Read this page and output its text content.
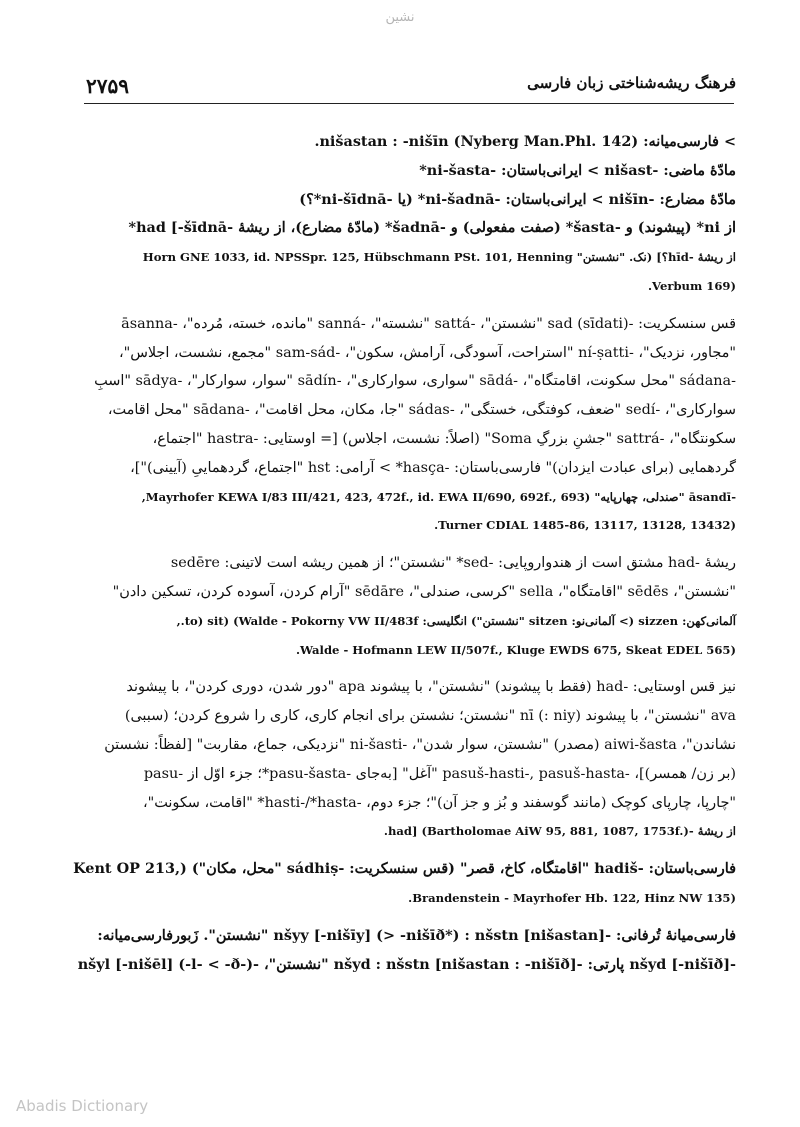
نشین
۲۷۵۹	فرهنگ ریشه‌شناختی زبان فارسی
> فارسی‌میانه: nišastan : -nišīn (Nyberg Man.Phl. 142).
مادّهٔ ماضی: -nišast > ایرانی‌باستان: -ni-šasta*
مادّهٔ مضارع: -nišīn > ایرانی‌باستان: -ni-šadnā* (یا -ni-šīdnā*؟)
از ni* (پیشوند) و -šasta* (صفت مفعولی) و -šadnā* (مادّهٔ مضارع)، از ریشهٔ -had [-šīdnā*
از ریشهٔ -hīd؟] (نک. "نشستن" Horn GNE 1033, id. NPSSpr. 125, Hübschmann PSt. 101, Henning
(Verbum 169.
قس سنسکریت: -sad (sīdati) "نشستن"، -sattá "نشسته"، -sanná "مانده، خسته، مُرده"، -āsanna
"مجاور، نزدیک"، -ní-ṣatti "استراحت، آسودگی، آرامش، سکون"، -sam-sád "مجمع، نشست، اجلاس"،
-sádana "محل سکونت، اقامتگاه"، -sādá "سواری، سوارکاری"، -sādín "سوار، سوارکار"، -sādya "اسبِ
سوارکاری"، -sedí "ضعف، کوفتگی، خستگی"، -sádas "جا، مکان، محل اقامت"، -sādana "محل اقامت،
سکونتگاه"، -sattrá "جشنِ بزرگِ Soma" (اصلاً: نشست، اجلاس) [= اوستایی: -hastra "اجتماع،
گردهمایی (برای عبادت ایزدان)" فارسی‌باستان: -hasça* > آرامی: hst "اجتماع، گردهماییِ (آیینی)"]،
-āsandī "صندلی، چهارپایه" (Mayrhofer KEWA I/83 III/421, 423, 472f., id. EWA II/690, 692f., 693,
(Turner CDIAL 1485-86, 13117, 13128, 13432.
ریشهٔ -had مشتق است از هندواروپایی: -sed* "نشستن"؛ از همین ریشه است لاتینی: sedēre
"نشستن"، sēdēs "اقامتگاه"، sella "کرسی، صندلی"، sēdāre "آرام کردن، آسوده کردن، تسکین دادن"
آلمانی‌کهن: sizzen (> آلمانی‌نو: sitzen "نشستن") انگلیسی: to) sit) (Walde - Pokorny VW II/483f.,
(Walde - Hofmann LEW II/507f., Kluge EWDS 675, Skeat EDEL 565.
نیز قس اوستایی: -had (فقط با پیشوند) "نشستن"، با پیشوند apa "دور شدن، دوری کردن"، با پیشوند
ava "نشستن"، با پیشوند nī (: niy) "نشستن؛ نشستن برای انجام کاری، کاری را شروع کردن؛ (سببی)
نشاندن"، aiwi-šasta (مصدر) "نشستن، سوار شدن"، -ni-šasti "نزدیکی، جماع، مقاربت" [لفظاً: نشستن
(بر زن/ همسر)]، -pasuš-hasti-, pasuš-hasta "آغل" [به‌جای -pasu-šasta*؛ جزء اوّل از -pasu
"چارپا، چارپای کوچک (مانند گوسفند و بُز و جز آن)"؛ جزء دوم، -hasti-/*hasta* "اقامت، سکونت"،
از ریشهٔ -had] (Bartholomae AiW 95, 881, 1087, 1753f.).
فارسی‌باستان: -hadiš "اقامتگاه، کاخ، قصر" (قس سنسکریت: -sádhiṣ "محل، مکان") (,Kent OP 213
(Brandenstein - Mayrhofer Hb. 122, Hinz NW 135.
فارسی‌میانهٔ تُرفانی: -nšyy [-nišīy] (> -nišīð*) : nšstn [nišastan] "نشستن". زَبورفارسی‌میانه:
-nšyd [-nišīð] پارتی: -nšyd : nšstn [nišastan : -nišīð] "نشستن"، -nšyl [-nišēl] (-l- < -ð-)
Abadis Dictionary
